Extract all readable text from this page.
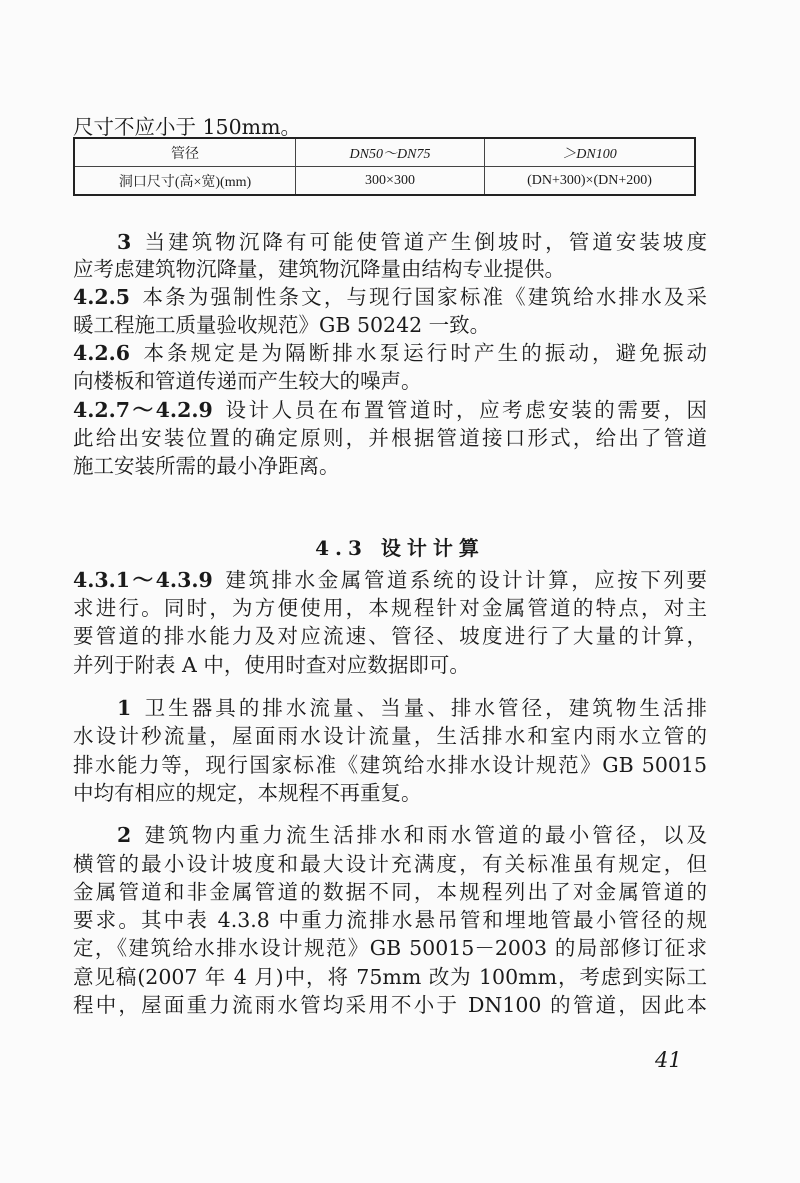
尺寸不应小于 150mm。
管径	DN50～DN75	＞DN100
洞口尺寸(高×宽)(mm)	300×300	(DN+300)×(DN+200)
3  当建筑物沉降有可能使管道产生倒坡时，管道安装坡度
应考虑建筑物沉降量，建筑物沉降量由结构专业提供。
4.2.5  本条为强制性条文，与现行国家标准《建筑给水排水及采
暖工程施工质量验收规范》GB 50242 一致。
4.2.6  本条规定是为隔断排水泵运行时产生的振动，避免振动
向楼板和管道传递而产生较大的噪声。
4.2.7～4.2.9  设计人员在布置管道时，应考虑安装的需要，因
此给出安装位置的确定原则，并根据管道接口形式，给出了管道
施工安装所需的最小净距离。
4.3 设计计算
4.3.1～4.3.9  建筑排水金属管道系统的设计计算，应按下列要
求进行。同时，为方便使用，本规程针对金属管道的特点，对主
要管道的排水能力及对应流速、管径、坡度进行了大量的计算，
并列于附表 A 中，使用时查对应数据即可。
1  卫生器具的排水流量、当量、排水管径，建筑物生活排
水设计秒流量，屋面雨水设计流量，生活排水和室内雨水立管的
排水能力等，现行国家标准《建筑给水排水设计规范》GB 50015
中均有相应的规定，本规程不再重复。
2  建筑物内重力流生活排水和雨水管道的最小管径，以及
横管的最小设计坡度和最大设计充满度，有关标准虽有规定，但
金属管道和非金属管道的数据不同，本规程列出了对金属管道的
要求。其中表 4.3.8 中重力流排水悬吊管和埋地管最小管径的规
定，《建筑给水排水设计规范》GB 50015－2003 的局部修订征求
意见稿(2007 年 4 月)中，将 75mm 改为 100mm，考虑到实际工
程中，屋面重力流雨水管均采用不小于 DN100 的管道，因此本
41
